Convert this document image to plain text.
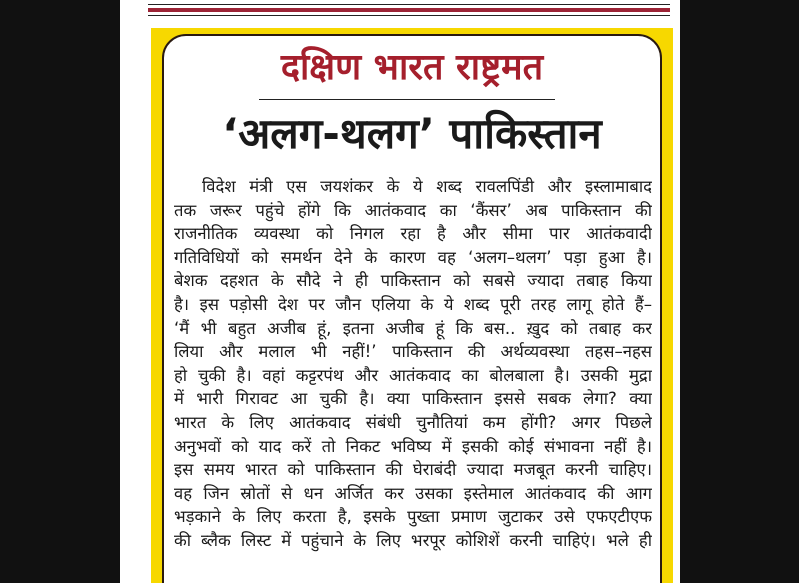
दक्षिण भारत राष्ट्रमत
‘अलग-थलग’ पाकिस्तान
विदेश मंत्री एस जयशंकर के ये शब्द रावलपिंडी और इस्लामाबाद
तक जरूर पहुंचे होंगे कि आतंकवाद का ‘कैंसर’ अब पाकिस्तान की
राजनीतिक व्यवस्था को निगल रहा है और सीमा पार आतंकवादी
गतिविधियों को समर्थन देने के कारण वह ‘अलग–थलग’ पड़ा हुआ है।
बेशक दहशत के सौदे ने ही पाकिस्तान को सबसे ज्यादा तबाह किया
है। इस पड़ोसी देश पर जौन एलिया के ये शब्द पूरी तरह लागू होते हैं–
‘मैं भी बहुत अजीब हूं, इतना अजीब हूं कि बस.. ख़ुद को तबाह कर
लिया और मलाल भी नहीं!’ पाकिस्तान की अर्थव्यवस्था तहस–नहस
हो चुकी है। वहां कट्टरपंथ और आतंकवाद का बोलबाला है। उसकी मुद्रा
में भारी गिरावट आ चुकी है। क्या पाकिस्तान इससे सबक लेगा? क्या
भारत के लिए आतंकवाद संबंधी चुनौतियां कम होंगी? अगर पिछले
अनुभवों को याद करें तो निकट भविष्य में इसकी कोई संभावना नहीं है।
इस समय भारत को पाकिस्तान की घेराबंदी ज्यादा मजबूत करनी चाहिए।
वह जिन स्रोतों से धन अर्जित कर उसका इस्तेमाल आतंकवाद की आग
भड़काने के लिए करता है, इसके पुख्ता प्रमाण जुटाकर उसे एफएटीएफ
की ब्लैक लिस्ट में पहुंचाने के लिए भरपूर कोशिशें करनी चाहिएं। भले ही
